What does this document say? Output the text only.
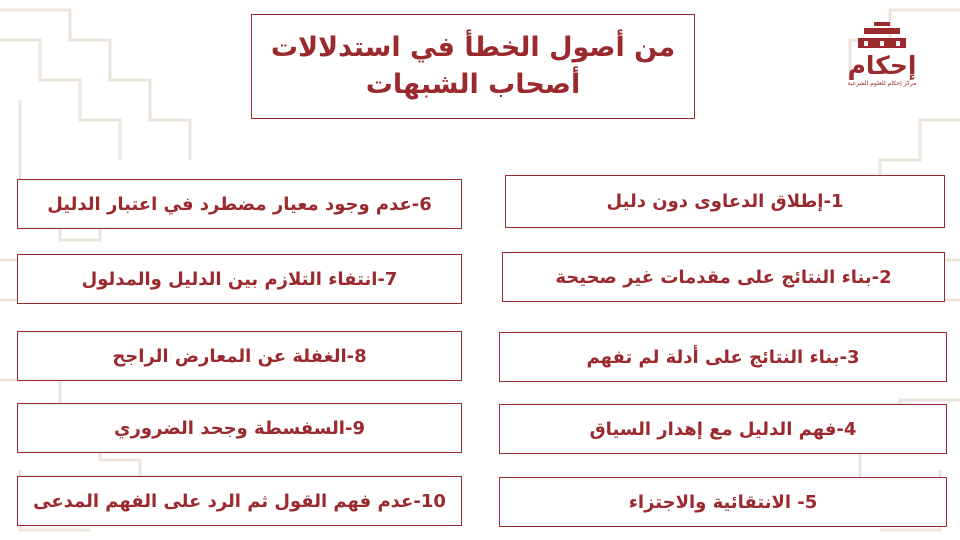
إحكام
مركز إحكام للعلوم الشرعية
من أصول الخطأ في استدلالات
أصحاب الشبهات
1-إطلاق الدعاوى دون دليل
2-بناء النتائج على مقدمات غير صحيحة
3-بناء النتائج على أدلة لم تفهم
4-فهم الدليل مع إهدار السياق
5- الانتقائية والاجتزاء
6-عدم وجود معيار مضطرد في اعتبار الدليل
7-انتفاء التلازم بين الدليل والمدلول
8-الغفلة عن المعارض الراجح
9-السفسطة وجحد الضروري
10-عدم فهم القول ثم الرد على الفهم المدعى
